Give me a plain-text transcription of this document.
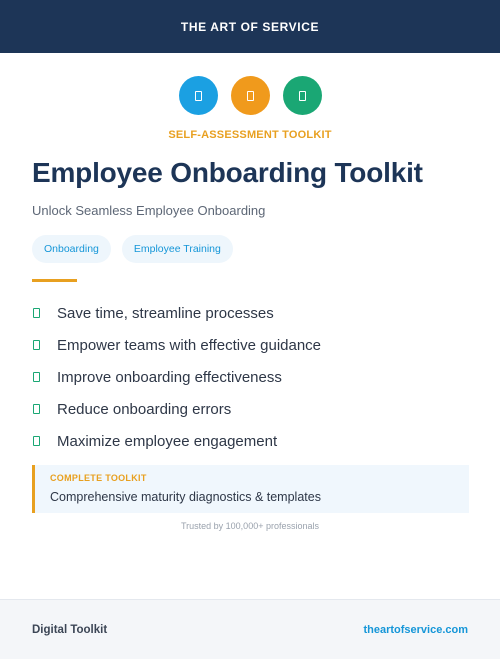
THE ART OF SERVICE
SELF-ASSESSMENT TOOLKIT
Employee Onboarding Toolkit
Unlock Seamless Employee Onboarding
Onboarding	Employee Training
Save time, streamline processes
Empower teams with effective guidance
Improve onboarding effectiveness
Reduce onboarding errors
Maximize employee engagement
COMPLETE TOOLKIT
Comprehensive maturity diagnostics & templates
Trusted by 100,000+ professionals
Digital Toolkit	theartofservice.com
